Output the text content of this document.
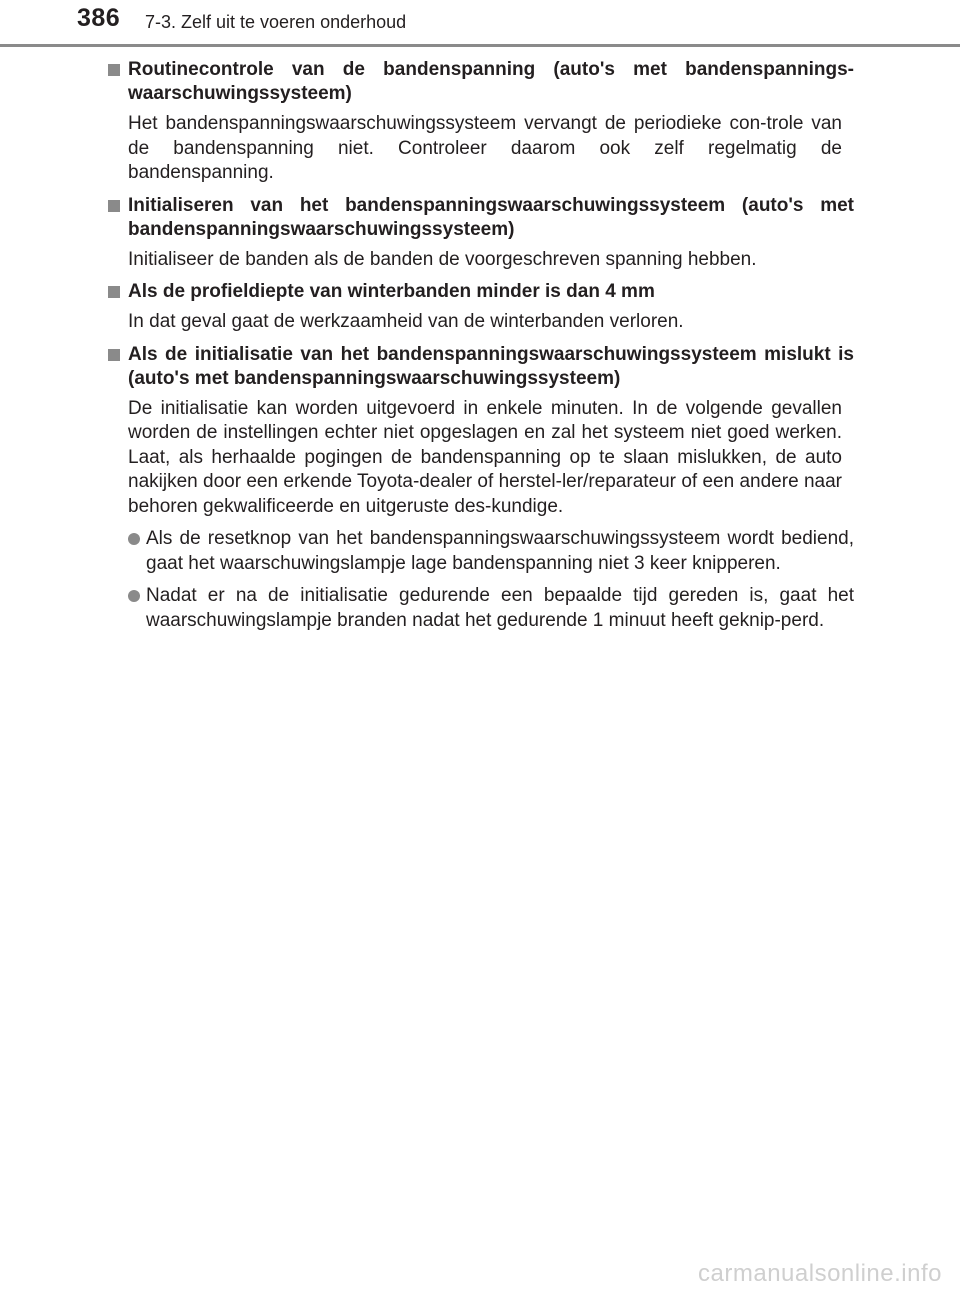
386 7-3. Zelf uit te voeren onderhoud
Routinecontrole van de bandenspanning (auto's met bandenspannings-waarschuwingssysteem)
Het bandenspanningswaarschuwingssysteem vervangt de periodieke con-trole van de bandenspanning niet. Controleer daarom ook zelf regelmatig de bandenspanning.
Initialiseren van het bandenspanningswaarschuwingssysteem (auto's met bandenspanningswaarschuwingssysteem)
Initialiseer de banden als de banden de voorgeschreven spanning hebben.
Als de profieldiepte van winterbanden minder is dan 4 mm
In dat geval gaat de werkzaamheid van de winterbanden verloren.
Als de initialisatie van het bandenspanningswaarschuwingssysteem mislukt is (auto's met bandenspanningswaarschuwingssysteem)
De initialisatie kan worden uitgevoerd in enkele minuten. In de volgende gevallen worden de instellingen echter niet opgeslagen en zal het systeem niet goed werken. Laat, als herhaalde pogingen de bandenspanning op te slaan mislukken, de auto nakijken door een erkende Toyota-dealer of herstel-ler/reparateur of een andere naar behoren gekwalificeerde en uitgeruste des-kundige.
Als de resetknop van het bandenspanningswaarschuwingssysteem wordt bediend, gaat het waarschuwingslampje lage bandenspanning niet 3 keer knipperen.
Nadat er na de initialisatie gedurende een bepaalde tijd gereden is, gaat het waarschuwingslampje branden nadat het gedurende 1 minuut heeft geknip-perd.
carmanualsonline.info
